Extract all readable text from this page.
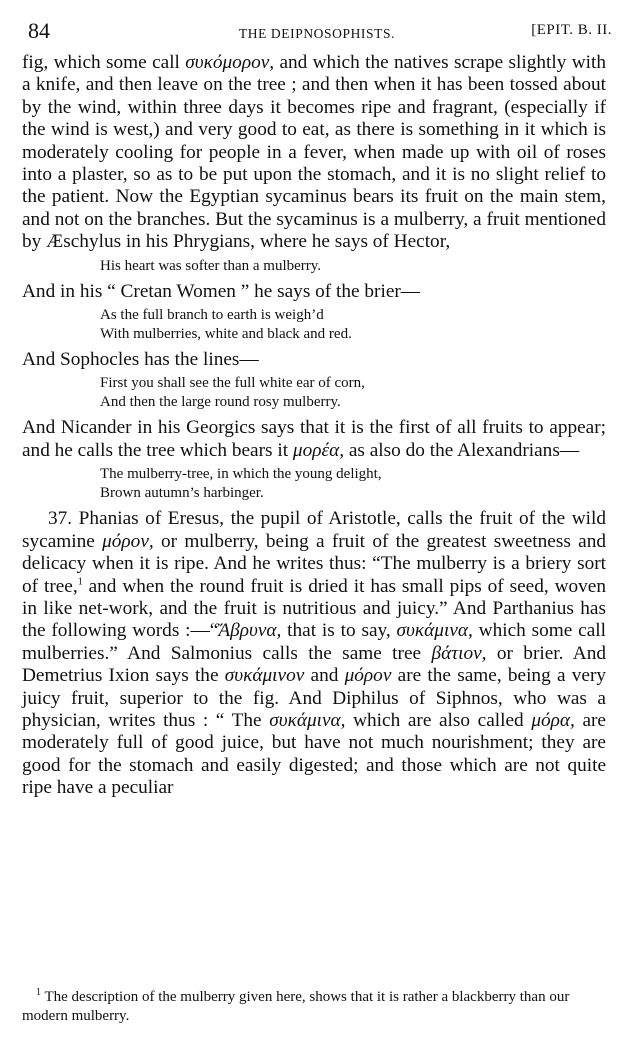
84	THE DEIPNOSOPHISTS.	[EPIT. B. II.

fig, which some call συκόμορον, and which the natives scrape slightly with a knife, and then leave on the tree ; and then when it has been tossed about by the wind, within three days it becomes ripe and fragrant, (especially if the wind is west,) and very good to eat, as there is something in it which is moderately cooling for people in a fever, when made up with oil of roses into a plaster, so as to be put upon the stomach, and it is no slight relief to the patient. Now the Egyptian sycaminus bears its fruit on the main stem, and not on the branches. But the sycaminus is a mulberry, a fruit mentioned by Æschylus in his Phrygians, where he says of Hector,

His heart was softer than a mulberry.

And in his “ Cretan Women ” he says of the brier—

As the full branch to earth is weigh’d
With mulberries, white and black and red.

And Sophocles has the lines—

First you shall see the full white ear of corn,
And then the large round rosy mulberry.

And Nicander in his Georgics says that it is the first of all fruits to appear; and he calls the tree which bears it μορέα, as also do the Alexandrians—

The mulberry-tree, in which the young delight,
Brown autumn’s harbinger.

37. Phanias of Eresus, the pupil of Aristotle, calls the fruit of the wild sycamine μόρον, or mulberry, being a fruit of the greatest sweetness and delicacy when it is ripe. And he writes thus: “The mulberry is a briery sort of tree,$^1$ and when the round fruit is dried it has small pips of seed, woven in like net-work, and the fruit is nutritious and juicy.” And Parthanius has the following words :—“Ἄβρυνα, that is to say, συκάμινα, which some call mulberries.” And Salmonius calls the same tree βάτιον, or brier. And Demetrius Ixion says the συκάμινον and μόρον are the same, being a very juicy fruit, superior to the fig. And Diphilus of Siphnos, who was a physician, writes thus : “ The συκάμινα, which are also called μόρα, are moderately full of good juice, but have not much nourishment; they are good for the stomach and easily digested; and those which are not quite ripe have a peculiar

$^1$ The description of the mulberry given here, shows that it is rather a blackberry than our modern mulberry.
